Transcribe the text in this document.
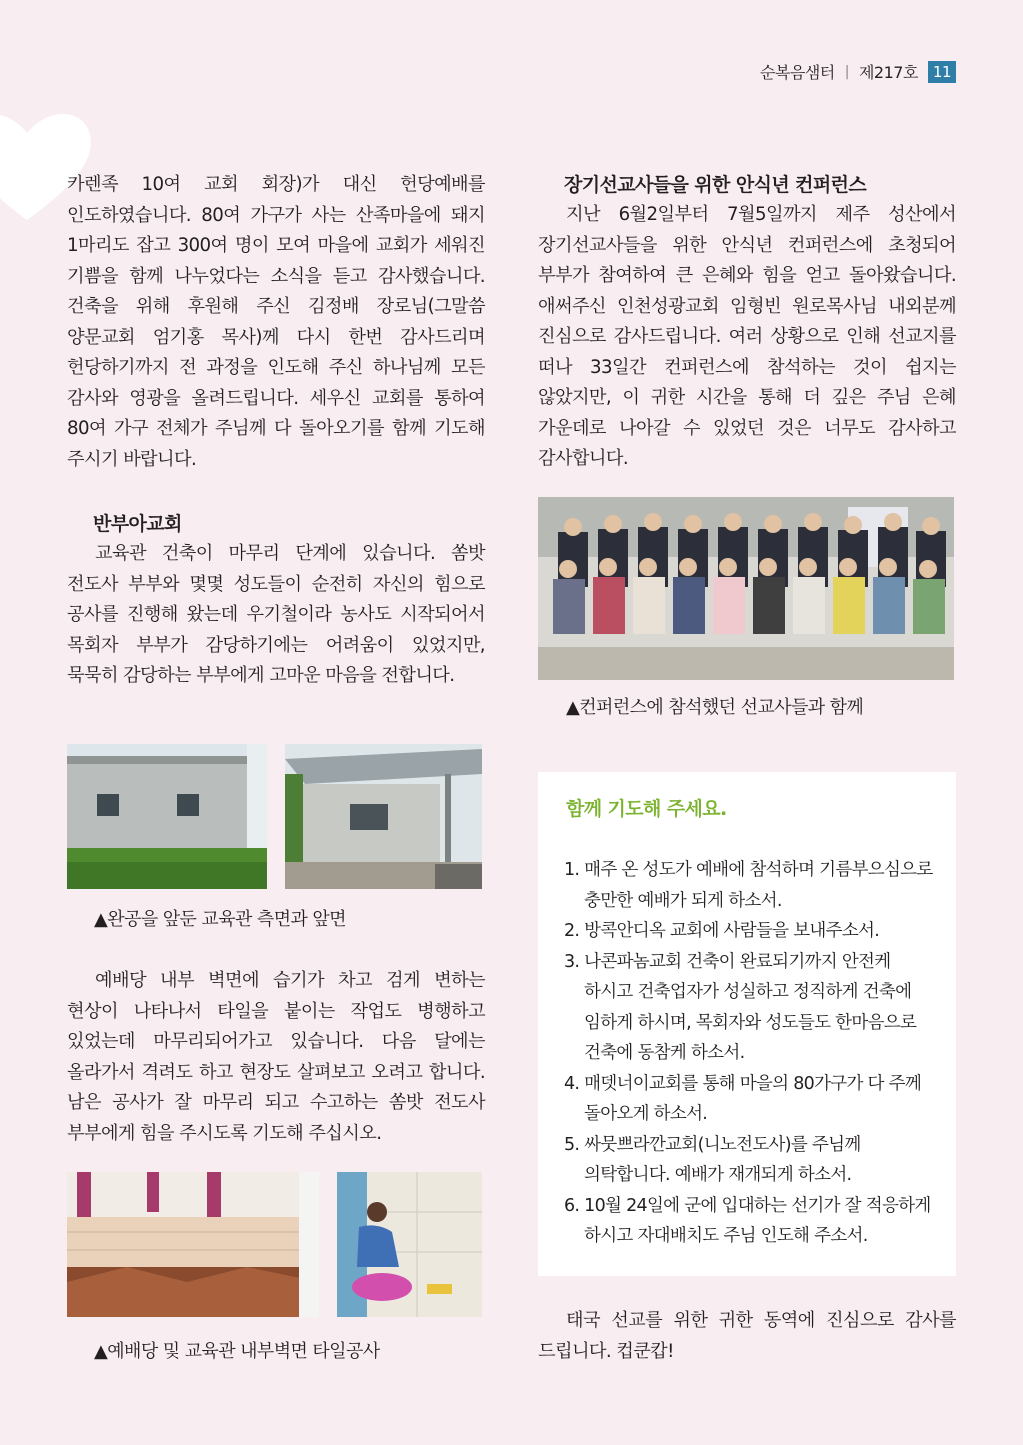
순복음샘터 | 제217호	11

카렌족 10여 교회 회장)가 대신 헌당예배를 인도하였습니다. 80여 가구가 사는 산족마을에 돼지 1마리도 잡고 300여 명이 모여 마을에 교회가 세워진 기쁨을 함께 나누었다는 소식을 듣고 감사했습니다. 건축을 위해 후원해 주신 김정배 장로님(그말씀 양문교회 엄기홍 목사)께 다시 한번 감사드리며 헌당하기까지 전 과정을 인도해 주신 하나님께 모든 감사와 영광을 올려드립니다. 세우신 교회를 통하여 80여 가구 전체가 주님께 다 돌아오기를 함께 기도해 주시기 바랍니다.

반부아교회

교육관 건축이 마무리 단계에 있습니다. 쏨밧 전도사 부부와 몇몇 성도들이 순전히 자신의 힘으로 공사를 진행해 왔는데 우기철이라 농사도 시작되어서 목회자 부부가 감당하기에는 어려움이 있었지만, 묵묵히 감당하는 부부에게 고마운 마음을 전합니다.

▲완공을 앞둔 교육관 측면과 앞면

예배당 내부 벽면에 습기가 차고 검게 변하는 현상이 나타나서 타일을 붙이는 작업도 병행하고 있었는데 마무리되어가고 있습니다. 다음 달에는 올라가서 격려도 하고 현장도 살펴보고 오려고 합니다. 남은 공사가 잘 마무리 되고 수고하는 쏨밧 전도사 부부에게 힘을 주시도록 기도해 주십시오.

▲예배당 및 교육관 내부벽면 타일공사
장기선교사들을 위한 안식년 컨퍼런스

지난 6월2일부터 7월5일까지 제주 성산에서 장기선교사들을 위한 안식년 컨퍼런스에 초청되어 부부가 참여하여 큰 은혜와 힘을 얻고 돌아왔습니다. 애써주신 인천성광교회 임형빈 원로목사님 내외분께 진심으로 감사드립니다. 여러 상황으로 인해 선교지를 떠나 33일간 컨퍼런스에 참석하는 것이 쉽지는 않았지만, 이 귀한 시간을 통해 더 깊은 주님 은혜 가운데로 나아갈 수 있었던 것은 너무도 감사하고 감사합니다.

▲컨퍼런스에 참석했던 선교사들과 함께
함께 기도해 주세요.
1. 매주 온 성도가 예배에 참석하며 기름부으심으로 충만한 예배가 되게 하소서.
2. 방콕안디옥 교회에 사람들을 보내주소서.
3. 나콘파놈교회 건축이 완료되기까지 안전케 하시고 건축업자가 성실하고 정직하게 건축에 임하게 하시며, 목회자와 성도들도 한마음으로 건축에 동참케 하소서.
4. 매뎃너이교회를 통해 마을의 80가구가 다 주께 돌아오게 하소서.
5. 싸뭇쁘라깐교회(니노전도사)를 주님께 의탁합니다. 예배가 재개되게 하소서.
6. 10월 24일에 군에 입대하는 선기가 잘 적응하게 하시고 자대배치도 주님 인도해 주소서.

태국 선교를 위한 귀한 동역에 진심으로 감사를 드립니다. 컵쿤캅!
